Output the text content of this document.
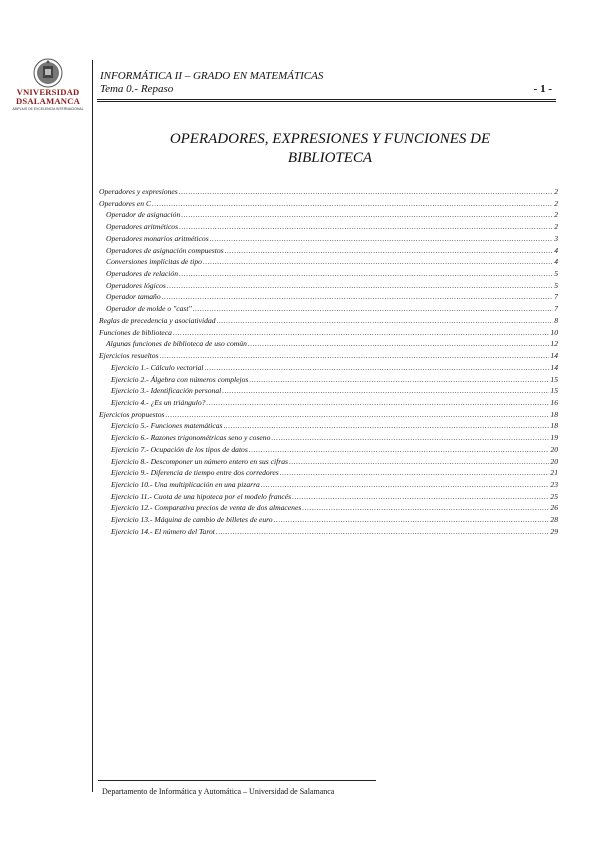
VNIVERSIDAD
DSALAMANCA
AMPLIUS DE EXCELENCIA INTERNACIONAL
INFORMÁTICA II – GRADO EN MATEMÁTICAS
Tema 0.- Repaso	- 1 -
OPERADORES, EXPRESIONES Y FUNCIONES DE
BIBLIOTECA
Operadores y expresiones .....	2
Operadores en C .....	2
Operador de asignación .....	2
Operadores aritméticos .....	2
Operadores monarios aritméticos .....	3
Operadores de asignación compuestos .....	4
Conversiones implícitas de tipo .....	4
Operadores de relación .....	5
Operadores lógicos .....	5
Operador tamaño .....	7
Operador de molde o "cast" .....	7
Reglas de precedencia y asociatividad .....	8
Funciones de biblioteca .....	10
Algunas funciones de biblioteca de uso común .....	12
Ejercicios resueltos .....	14
Ejercicio 1.- Cálculo vectorial .....	14
Ejercicio 2.- Álgebra con números complejos .....	15
Ejercicio 3.- Identificación personal .....	15
Ejercicio 4.- ¿Es un triángulo? .....	16
Ejercicios propuestos .....	18
Ejercicio 5.- Funciones matemáticas .....	18
Ejercicio 6.- Razones trigonométricas seno y coseno .....	19
Ejercicio 7.- Ocupación de los tipos de datos .....	20
Ejercicio 8.- Descomponer un número entero en sus cifras .....	20
Ejercicio 9.- Diferencia de tiempo entre dos corredores .....	21
Ejercicio 10.- Una multiplicación en una pizarra .....	23
Ejercicio 11.- Cuota de una hipoteca por el modelo francés .....	25
Ejercicio 12.- Comparativa precios de venta de dos almacenes .....	26
Ejercicio 13.- Máquina de cambio de billetes de euro .....	28
Ejercicio 14.- El número del Tarot .....	29
Departamento de Informática y Automática – Universidad de Salamanca
